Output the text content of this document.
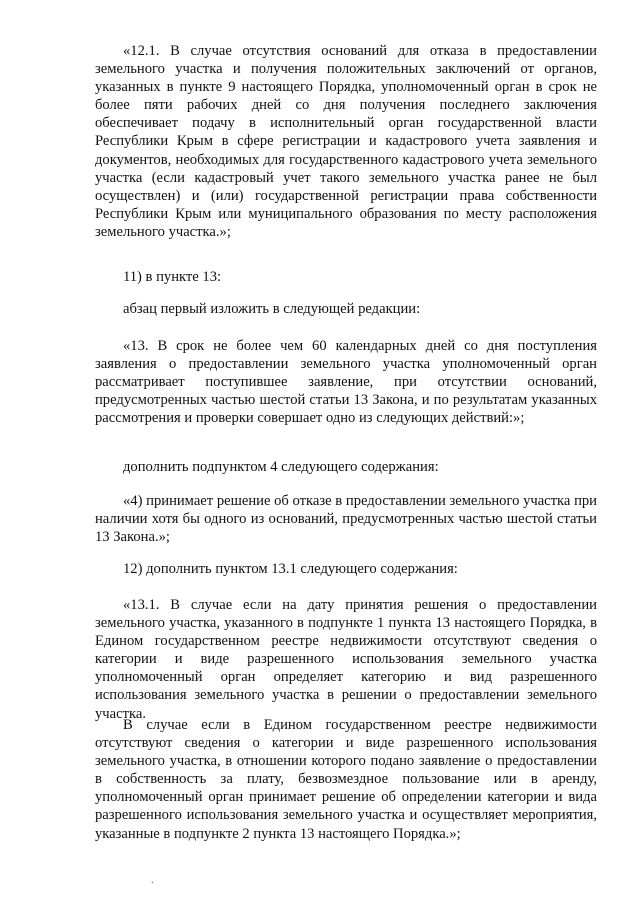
«12.1. В случае отсутствия оснований для отказа в предоставлении земельного участка и получения положительных заключений от органов, указанных в пункте 9 настоящего Порядка, уполномоченный орган в срок не более пяти рабочих дней со дня получения последнего заключения обеспечивает подачу в исполнительный орган государственной власти Республики Крым в сфере регистрации и кадастрового учета заявления и документов, необходимых для государственного кадастрового учета земельного участка (если кадастровый учет такого земельного участка ранее не был осуществлен) и (или) государственной регистрации права собственности Республики Крым или муниципального образования по месту расположения земельного участка.»;

11) в пункте 13:

абзац первый изложить в следующей редакции:

«13. В срок не более чем 60 календарных дней со дня поступления заявления о предоставлении земельного участка уполномоченный орган рассматривает поступившее заявление, при отсутствии оснований, предусмотренных частью шестой статьи 13 Закона, и по результатам указанных рассмотрения и проверки совершает одно из следующих действий:»;

дополнить подпунктом 4 следующего содержания:

«4) принимает решение об отказе в предоставлении земельного участка при наличии хотя бы одного из оснований, предусмотренных частью шестой статьи 13 Закона.»;

12) дополнить пунктом 13.1 следующего содержания:

«13.1. В случае если на дату принятия решения о предоставлении земельного участка, указанного в подпункте 1 пункта 13 настоящего Порядка, в Едином государственном реестре недвижимости отсутствуют сведения о категории и виде разрешенного использования земельного участка уполномоченный орган определяет категорию и вид разрешенного использования земельного участка в решении о предоставлении земельного участка.

В случае если в Едином государственном реестре недвижимости отсутствуют сведения о категории и виде разрешенного использования земельного участка, в отношении которого подано заявление о предоставлении в собственность за плату, безвозмездное пользование или в аренду, уполномоченный орган принимает решение об определении категории и вида разрешенного использования земельного участка и осуществляет мероприятия, указанные в подпункте 2 пункта 13 настоящего Порядка.»;

.
